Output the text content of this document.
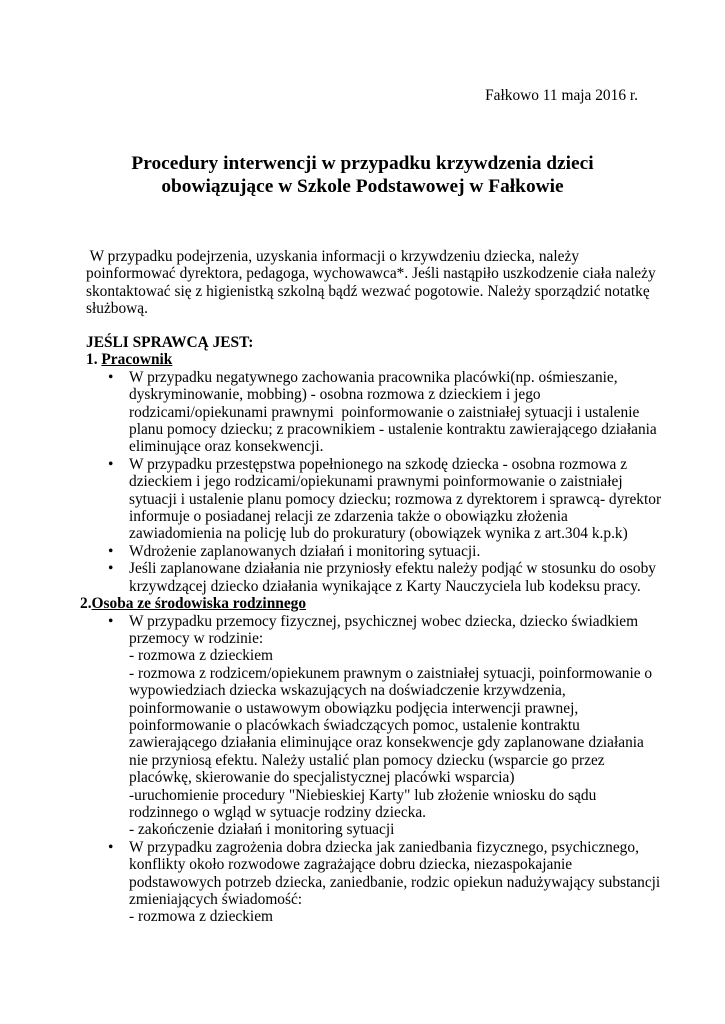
Fałkowo 11 maja 2016 r.
Procedury interwencji w przypadku krzywdzenia dzieci
obowiązujące w Szkole Podstawowej w Fałkowie
W przypadku podejrzenia, uzyskania informacji o krzywdzeniu dziecka, należy
poinformować dyrektora, pedagoga, wychowawca*. Jeśli nastąpiło uszkodzenie ciała należy
skontaktować się z higienistką szkolną bądź wezwać pogotowie. Należy sporządzić notatkę
służbową.
JEŚLI SPRAWCĄ JEST:
1. Pracownik
• W przypadku negatywnego zachowania pracownika placówki(np. ośmieszanie,
dyskryminowanie, mobbing) - osobna rozmowa z dzieckiem i jego
rodzicami/opiekunami prawnymi  poinformowanie o zaistniałej sytuacji i ustalenie
planu pomocy dziecku; z pracownikiem - ustalenie kontraktu zawierającego działania
eliminujące oraz konsekwencji.
• W przypadku przestępstwa popełnionego na szkodę dziecka - osobna rozmowa z
dzieckiem i jego rodzicami/opiekunami prawnymi poinformowanie o zaistniałej
sytuacji i ustalenie planu pomocy dziecku; rozmowa z dyrektorem i sprawcą- dyrektor
informuje o posiadanej relacji ze zdarzenia także o obowiązku złożenia
zawiadomienia na policję lub do prokuratury (obowiązek wynika z art.304 k.p.k)
• Wdrożenie zaplanowanych działań i monitoring sytuacji.
• Jeśli zaplanowane działania nie przyniosły efektu należy podjąć w stosunku do osoby
krzywdzącej dziecko działania wynikające z Karty Nauczyciela lub kodeksu pracy.
2.Osoba ze środowiska rodzinnego
• W przypadku przemocy fizycznej, psychicznej wobec dziecka, dziecko świadkiem
przemocy w rodzinie:
- rozmowa z dzieckiem
- rozmowa z rodzicem/opiekunem prawnym o zaistniałej sytuacji, poinformowanie o
wypowiedziach dziecka wskazujących na doświadczenie krzywdzenia,
poinformowanie o ustawowym obowiązku podjęcia interwencji prawnej,
poinformowanie o placówkach świadczących pomoc, ustalenie kontraktu
zawierającego działania eliminujące oraz konsekwencje gdy zaplanowane działania
nie przyniosą efektu. Należy ustalić plan pomocy dziecku (wsparcie go przez
placówkę, skierowanie do specjalistycznej placówki wsparcia)
-uruchomienie procedury "Niebieskiej Karty" lub złożenie wniosku do sądu
rodzinnego o wgląd w sytuacje rodziny dziecka.
- zakończenie działań i monitoring sytuacji
• W przypadku zagrożenia dobra dziecka jak zaniedbania fizycznego, psychicznego,
konflikty około rozwodowe zagrażające dobru dziecka, niezaspokajanie
podstawowych potrzeb dziecka, zaniedbanie, rodzic opiekun nadużywający substancji
zmieniających świadomość:
- rozmowa z dzieckiem
